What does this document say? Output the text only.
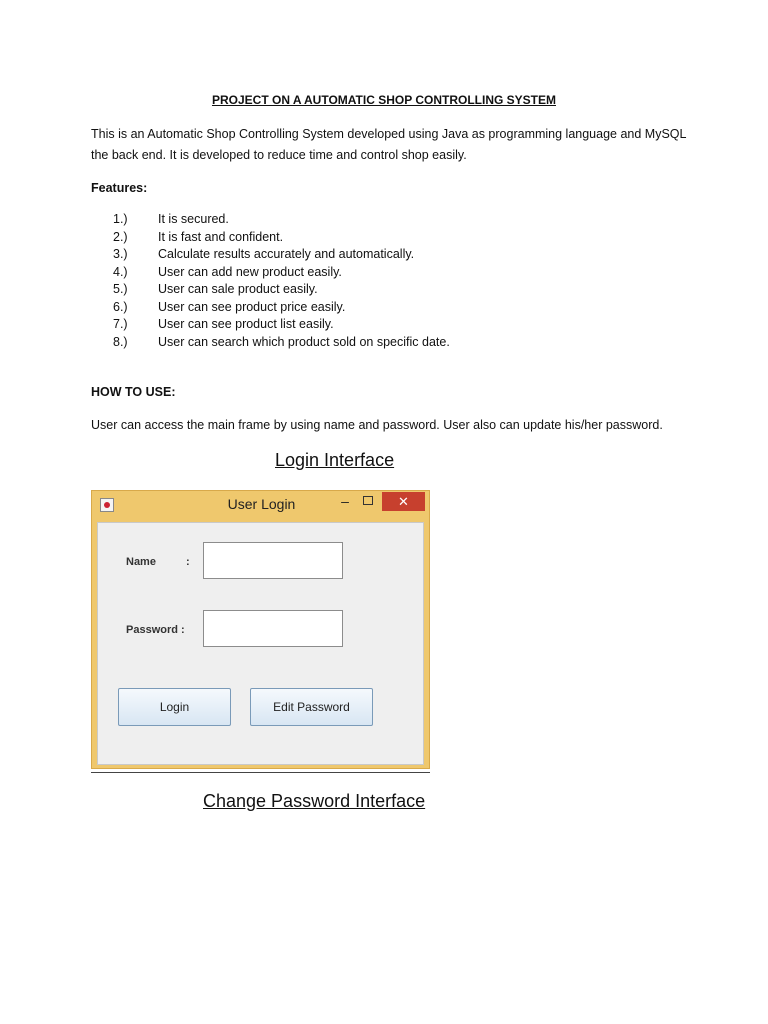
PROJECT ON A AUTOMATIC SHOP CONTROLLING SYSTEM
This is an Automatic Shop Controlling System developed using Java as programming language and MySQL the back end. It is developed to reduce time and control shop easily.
Features:
1.) It is secured.
2.) It is fast and confident.
3.) Calculate results accurately and automatically.
4.) User can add new product easily.
5.) User can sale product easily.
6.) User can see product price easily.
7.) User can see product list easily.
8.) User can search which product sold on specific date.
HOW TO USE:
User can access the main frame by using name and password. User also can update his/her password.
Login Interface
User Login	–	✕
Name	:
Password :
Login	Edit Password
Change Password Interface
